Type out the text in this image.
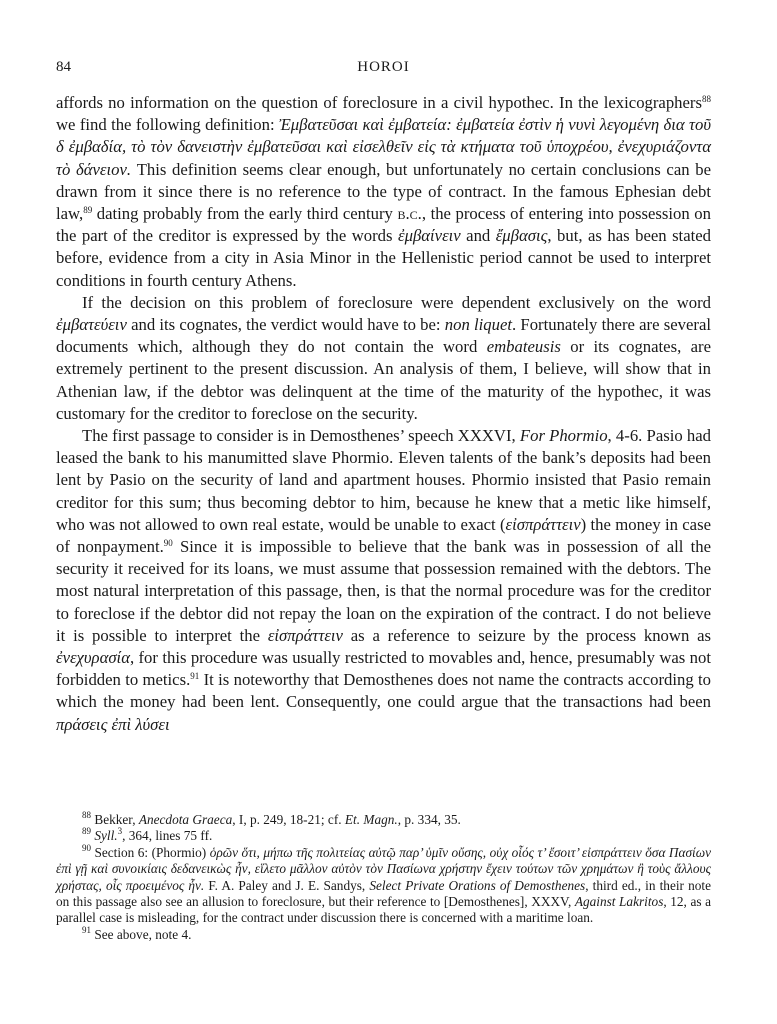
84	HOROI

affords no information on the question of foreclosure in a civil hypothec. In the lexicographers$^{88}$ we find the following definition: Ἐμβατεῦσαι καὶ ἐμβατεία: ἐμβατεία ἐστὶν ἡ νυνὶ λεγομένη δια τοῦ δ ἐμβαδία, τὸ τὸν δανειστὴν ἐμβατεῦσαι καὶ εἰσελθεῖν εἰς τὰ κτήματα τοῦ ὑποχρέου, ἐνεχυριάζοντα τὸ δάνειον. This definition seems clear enough, but unfortunately no certain conclusions can be drawn from it since there is no reference to the type of contract. In the famous Ephesian debt law,$^{89}$ dating probably from the early third century b.c., the process of entering into possession on the part of the creditor is expressed by the words ἐμβαίνειν and ἔμβασις, but, as has been stated before, evidence from a city in Asia Minor in the Hellenistic period cannot be used to interpret conditions in fourth century Athens.

If the decision on this problem of foreclosure were dependent exclusively on the word ἐμβατεύειν and its cognates, the verdict would have to be: non liquet. Fortunately there are several documents which, although they do not contain the word embateusis or its cognates, are extremely pertinent to the present discussion. An analysis of them, I believe, will show that in Athenian law, if the debtor was delinquent at the time of the maturity of the hypothec, it was customary for the creditor to foreclose on the security.

The first passage to consider is in Demosthenes’ speech XXXVI, For Phormio, 4-6. Pasio had leased the bank to his manumitted slave Phormio. Eleven talents of the bank’s deposits had been lent by Pasio on the security of land and apartment houses. Phormio insisted that Pasio remain creditor for this sum; thus becoming debtor to him, because he knew that a metic like himself, who was not allowed to own real estate, would be unable to exact (εἰσπράττειν) the money in case of nonpayment.$^{90}$ Since it is impossible to believe that the bank was in possession of all the security it received for its loans, we must assume that possession remained with the debtors. The most natural interpretation of this passage, then, is that the normal procedure was for the creditor to foreclose if the debtor did not repay the loan on the expiration of the contract. I do not believe it is possible to interpret the εἰσπράττειν as a reference to seizure by the process known as ἐνεχυρασία, for this procedure was usually restricted to movables and, hence, presumably was not forbidden to metics.$^{91}$ It is noteworthy that Demosthenes does not name the contracts according to which the money had been lent. Consequently, one could argue that the transactions had been πράσεις ἐπὶ λύσει

$^{88}$ Bekker, Anecdota Graeca, I, p. 249, 18-21; cf. Et. Magn., p. 334, 35.

$^{89}$ Syll.$^3$, 364, lines 75 ff.

$^{90}$ Section 6: (Phormio) ὁρῶν ὅτι, μήπω τῆς πολιτείας αὐτῷ παρ’ ὑμῖν οὔσης, οὐχ οἷός τ’ ἔσοιτ’ εἰσπράττειν ὅσα Πασίων ἐπὶ γῇ καὶ συνοικίαις δεδανεικὼς ἦν, εἵλετο μᾶλλον αὐτὸν τὸν Πασίωνα χρήστην ἔχειν τούτων τῶν χρημάτων ἢ τοὺς ἄλλους χρήστας, οἷς προειμένος ἦν. F. A. Paley and J. E. Sandys, Select Private Orations of Demosthenes, third ed., in their note on this passage also see an allusion to foreclosure, but their reference to [Demosthenes], XXXV, Against Lakritos, 12, as a parallel case is misleading, for the contract under discussion there is concerned with a maritime loan.

$^{91}$ See above, note 4.
